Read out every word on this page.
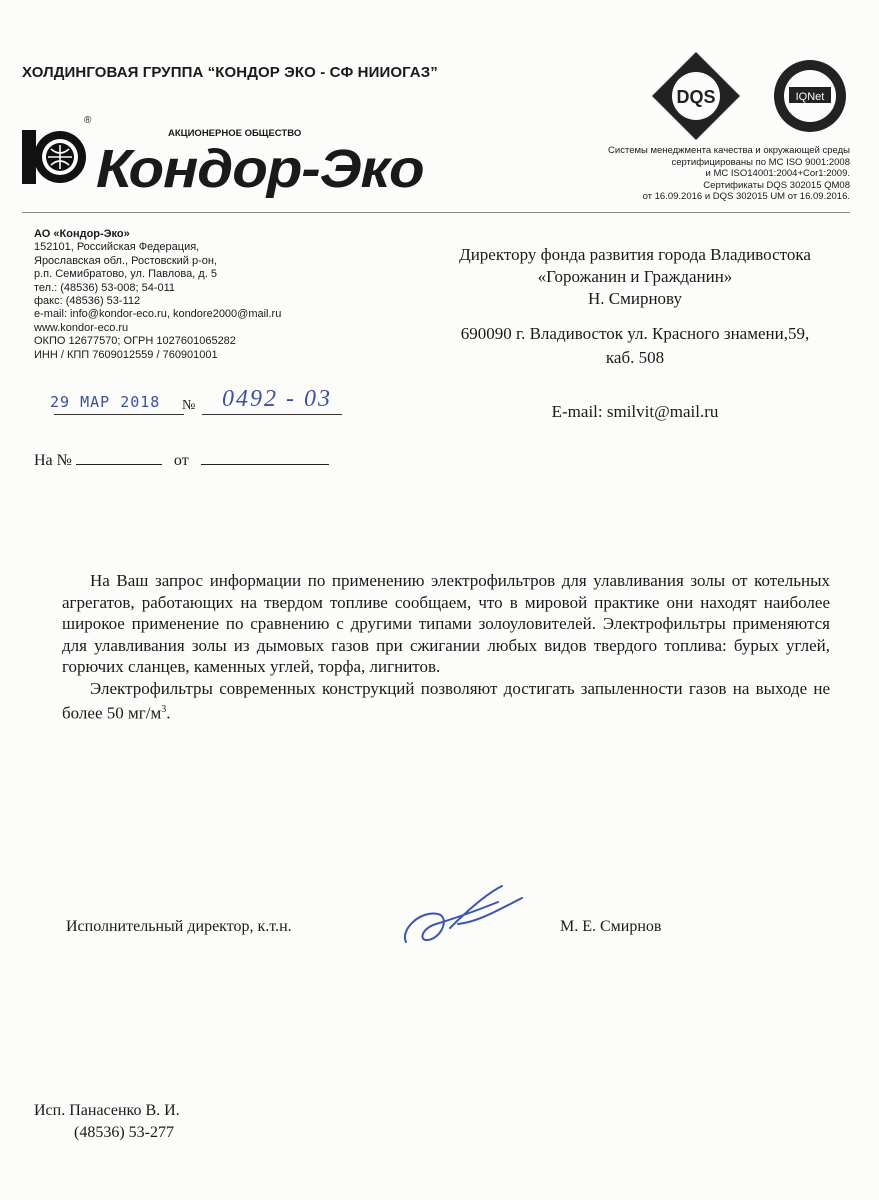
ХОЛДИНГОВАЯ ГРУППА “КОНДОР ЭКО - СФ НИИОГАЗ”
®
АКЦИОНЕРНОЕ ОБЩЕСТВО
Кондор-Эко
DQS	IQNet
Системы менеджмента качества и окружающей среды
сертифицированы по МС ISO 9001:2008
и МС ISO14001:2004+Cor1:2009.
Сертификаты DQS 302015 QM08
от 16.09.2016 и DQS 302015 UM от 16.09.2016.
АО «Кондор-Эко»
152101, Российская Федерация,
Ярославская обл., Ростовский р-он,
р.п. Семибратово, ул. Павлова, д. 5
тел.: (48536) 53-008; 54-011
факс: (48536) 53-112
e-mail: info@kondor-eco.ru, kondore2000@mail.ru
www.kondor-eco.ru
ОКПО 12677570; ОГРН 1027601065282
ИНН / КПП 7609012559 / 760901001
29 МАР 2018 № 0492 - 03
На №	от
Директору фонда развития города Владивостока
«Горожанин и Гражданин»
Н. Смирнову
690090 г. Владивосток ул. Красного знамени,59,
каб. 508
E-mail: smilvit@mail.ru

На Ваш запрос информации по применению электрофильтров для улавливания золы от котельных агрегатов, работающих на твердом топливе сообщаем, что в мировой практике они находят наиболее широкое применение по сравнению с другими типами золоуловителей. Электрофильтры применяются для улавливания золы из дымовых газов при сжигании любых видов твердого топлива: бурых углей, горючих сланцев, каменных углей, торфа, лигнитов.

Электрофильтры современных конструкций позволяют достигать запыленности газов на выходе не более 50 $мг/м^3$.

Исполнительный директор, к.т.н.	М. Е. Смирнов
Исп. Панасенко В. И.
(48536) 53-277
